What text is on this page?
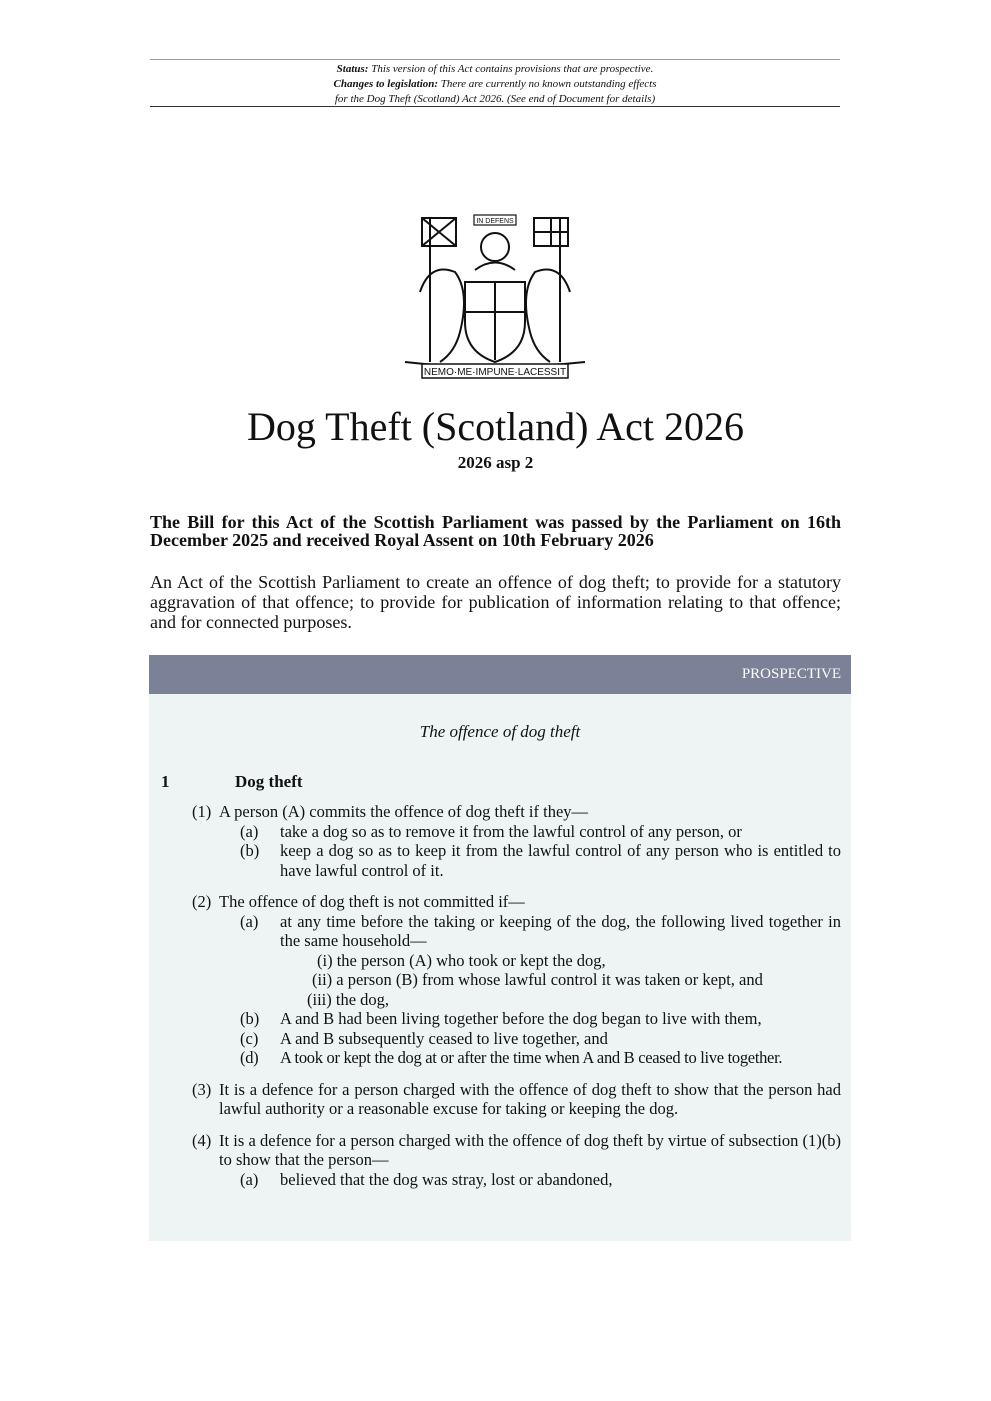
Status: This version of this Act contains provisions that are prospective.
Changes to legislation: There are currently no known outstanding effects
for the Dog Theft (Scotland) Act 2026. (See end of Document for details)
IN DEFENS
NEMO·ME·IMPUNE·LACESSIT
Dog Theft (Scotland) Act 2026
2026 asp 2
The Bill for this Act of the Scottish Parliament was passed by the Parliament on 16th December 2025 and received Royal Assent on 10th February 2026
An Act of the Scottish Parliament to create an offence of dog theft; to provide for a statutory aggravation of that offence; to provide for publication of information relating to that offence; and for connected purposes.
PROSPECTIVE
The offence of dog theft
1	Dog theft
(1) A person (A) commits the offence of dog theft if they—
(a) take a dog so as to remove it from the lawful control of any person, or
(b) keep a dog so as to keep it from the lawful control of any person who is entitled to have lawful control of it.
(2) The offence of dog theft is not committed if—
(a) at any time before the taking or keeping of the dog, the following lived together in the same household—
(i) the person (A) who took or kept the dog,
(ii) a person (B) from whose lawful control it was taken or kept, and
(iii) the dog,
(b) A and B had been living together before the dog began to live with them,
(c) A and B subsequently ceased to live together, and
(d) A took or kept the dog at or after the time when A and B ceased to live together.
(3) It is a defence for a person charged with the offence of dog theft to show that the person had lawful authority or a reasonable excuse for taking or keeping the dog.
(4) It is a defence for a person charged with the offence of dog theft by virtue of subsection (1)(b) to show that the person—
(a) believed that the dog was stray, lost or abandoned,
